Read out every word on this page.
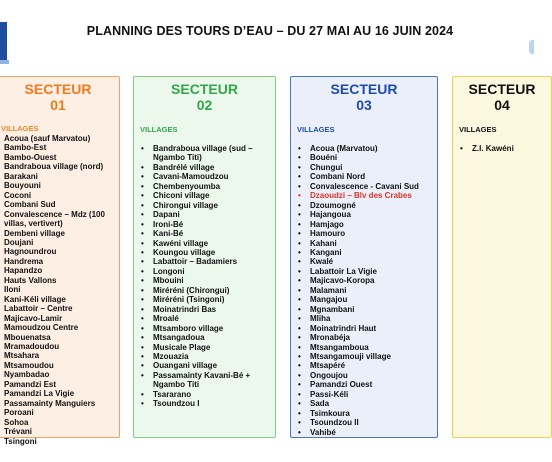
PLANNING DES TOURS D’EAU – DU 27 MAI AU 16 JUIN 2024
SECTEUR
01
VILLAGES
Acoua (sauf Marvatou)
Bambo-Est
Bambo-Ouest
Bandraboua village (nord)
Barakani
Bouyouni
Coconi
Combani Sud
Convalescence – Mdz (100 villas, vertivert)
Dembeni village
Doujani
Hagnoundrou
Handrema
Hapandzo
Hauts Vallons
Iloni
Kani-Kéli village
Labattoir – Centre
Majicavo-Lamir
Mamoudzou Centre
Mbouenatsa
Mramadoudou
Mtsahara
Mtsamoudou
Nyambadao
Pamandzi Est
Pamandzi La Vigie
Passamainty Manguiers
Poroani
Sohoa
Trévani
Tsingoni
SECTEUR
02
VILLAGES
• Bandraboua village (sud – Ngambo Titi)
• Bandrélé village
• Cavani-Mamoudzou
• Chembenyoumba
• Chiconi village
• Chirongui village
• Dapani
• Ironi-Bé
• Kani-Bé
• Kawéni village
• Koungou village
• Labattoir – Badamiers
• Longoni
• Mbouini
• Miréréni (Chirongui)
• Miréréni (Tsingoni)
• Moinatrindri Bas
• Mroalé
• Mtsamboro village
• Mtsangadoua
• Musicale Plage
• Mzouazia
• Ouangani village
• Passamainty Kavani-Bé + Ngambo Titi
• Tsararano
• Tsoundzou I
SECTEUR
03
VILLAGES
• Acoua (Marvatou)
• Bouéni
• Chungui
• Combani Nord
• Convalescence - Cavani Sud
• Dzaoudzi – Blv des Crabes
• Dzoumogné
• Hajangoua
• Hamjago
• Hamouro
• Kahani
• Kangani
• Kwalé
• Labattoir La Vigie
• Majicavo-Koropa
• Malamani
• Mangajou
• Mgnambani
• Mliha
• Moinatrindri Haut
• Mronabéja
• Mtsangamboua
• Mtsangamouji village
• Mtsapéré
• Ongoujou
• Pamandzi Ouest
• Passi-Kéli
• Sada
• Tsimkoura
• Tsoundzou II
• Vahibé
SECTEUR
04
VILLAGES
• Z.I. Kawéni
